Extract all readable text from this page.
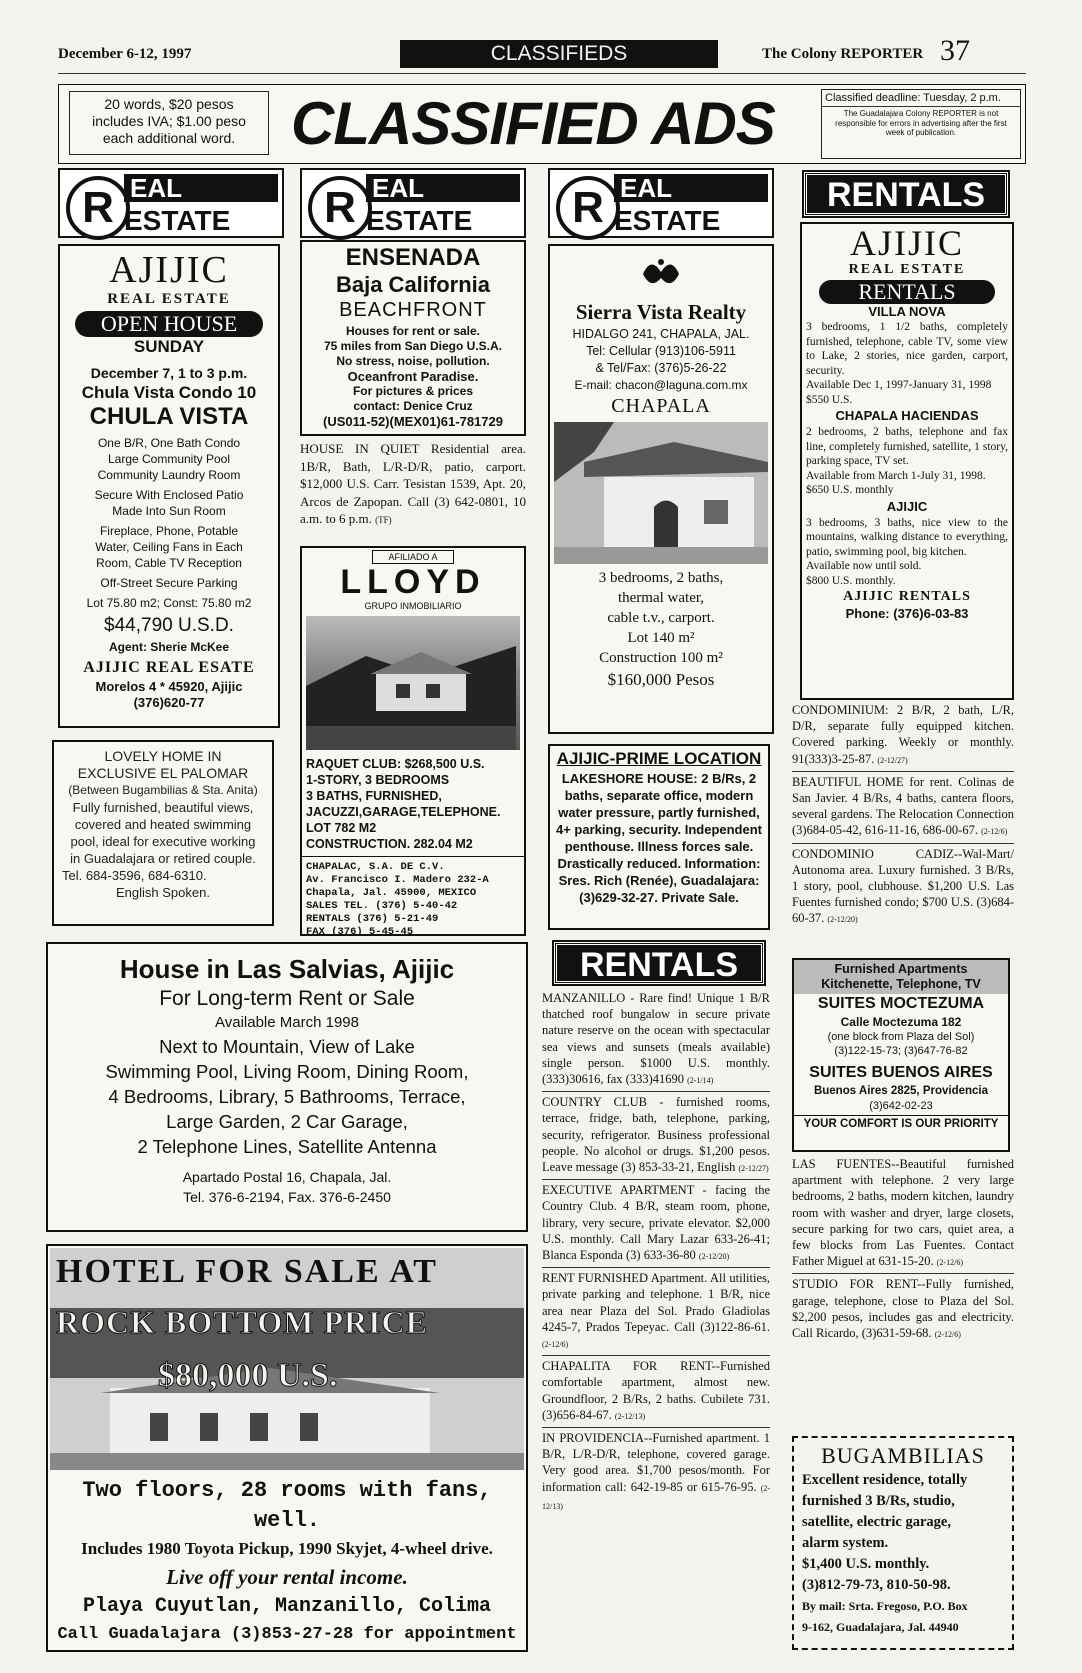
December 6-12, 1997	CLASSIFIEDS	The Colony REPORTER 37
20 words, $20 pesos includes IVA; $1.00 peso each additional word. CLASSIFIED ADS	Classified deadline: Tuesday, 2 p.m.
The Guadalajara Colony REPORTER is not responsible for errors in advertising after the first week of publication.
R EAL
ESTATE	R EAL
ESTATE	R EAL
ESTATE
RENTALS
AJIJIC
REAL ESTATE
OPEN HOUSE
SUNDAY
December 7, 1 to 3 p.m.
Chula Vista Condo 10
CHULA VISTA
One B/R, One Bath Condo
Large Community Pool
Community Laundry Room
Secure With Enclosed Patio
Made Into Sun Room
Fireplace, Phone, Potable
Water, Ceiling Fans in Each
Room, Cable TV Reception
Off-Street Secure Parking
Lot 75.80 m2; Const: 75.80 m2
$44,790 U.S.D.
Agent: Sherie McKee
AJIJIC REAL ESATE
Morelos 4 * 45920, Ajijic
(376)620-77
LOVELY HOME IN
EXCLUSIVE EL PALOMAR
(Between Bugambilias & Sta. Anita)
Fully furnished, beautiful views,
covered and heated swimming
pool, ideal for executive working
in Guadalajara or retired couple.
Tel. 684-3596, 684-6310.
English Spoken.
ENSENADA
Baja California
BEACHFRONT
Houses for rent or sale.
75 miles from San Diego U.S.A.
No stress, noise, pollution.
Oceanfront Paradise.
For pictures & prices
contact: Denice Cruz
(US011-52)(MEX01)61-781729
HOUSE IN QUIET Residential area. 1B/R, Bath, L/R-D/R, patio, carport. $12,000 U.S. Carr. Tesistan 1539, Apt. 20, Arcos de Zapopan. Call (3) 642-0801, 10 a.m. to 6 p.m. (TF)
AFILIADO A
LLOYD
GRUPO INMOBILIARIO
RAQUET CLUB: $268,500 U.S.
1-STORY, 3 BEDROOMS
3 BATHS, FURNISHED,
JACUZZI,GARAGE,TELEPHONE.
LOT 782 M2
CONSTRUCTION. 282.04 M2
CHAPALAC, S.A. DE C.V.
Av. Francisco I. Madero 232-A
Chapala, Jal. 45900, MEXICO
SALES TEL. (376) 5-40-42
RENTALS (376) 5-21-49
FAX (376) 5-45-45
Sierra Vista Realty
HIDALGO 241, CHAPALA, JAL.
Tel: Cellular (913)106-5911
& Tel/Fax: (376)5-26-22
E-mail: chacon@laguna.com.mx
CHAPALA
3 bedrooms, 2 baths,
thermal water,
cable t.v., carport.
Lot 140 m²
Construction 100 m²
$160,000 Pesos
AJIJIC-PRIME LOCATION
LAKESHORE HOUSE: 2 B/Rs, 2 baths, separate office, modern water pressure, partly furnished, 4+ parking, security. Independent penthouse. Illness forces sale. Drastically reduced. Information: Sres. Rich (Renée), Guadalajara: (3)629-32-27. Private Sale.
RENTALS
MANZANILLO - Rare find! Unique 1 B/R thatched roof bungalow in secure private nature reserve on the ocean with spectacular sea views and sunsets (meals available) single person. $1000 U.S. monthly. (333)30616, fax (333)41690 (2-1/14)
COUNTRY CLUB - furnished rooms, terrace, fridge, bath, telephone, parking, security, refrigerator. Business professional people. No alcohol or drugs. $1,200 pesos. Leave message (3) 853-33-21, English (2-12/27)
EXECUTIVE APARTMENT - facing the Country Club. 4 B/R, steam room, phone, library, very secure, private elevator. $2,000 U.S. monthly. Call Mary Lazar 633-26-41; Blanca Esponda (3) 633-36-80 (2-12/20)
RENT FURNISHED Apartment. All utilities, private parking and telephone. 1 B/R, nice area near Plaza del Sol. Prado Gladiolas 4245-7, Prados Tepeyac. Call (3)122-86-61. (2-12/6)
CHAPALITA FOR RENT--Furnished comfortable apartment, almost new. Groundfloor, 2 B/Rs, 2 baths. Cubilete 731. (3)656-84-67. (2-12/13)
IN PROVIDENCIA--Furnished apartment. 1 B/R, L/R-D/R, telephone, covered garage. Very good area. $1,700 pesos/month. For information call: 642-19-85 or 615-76-95. (2-12/13)
House in Las Salvias, Ajijic
For Long-term Rent or Sale
Available March 1998
Next to Mountain, View of Lake
Swimming Pool, Living Room, Dining Room,
4 Bedrooms, Library, 5 Bathrooms, Terrace,
Large Garden, 2 Car Garage,
2 Telephone Lines, Satellite Antenna
Apartado Postal 16, Chapala, Jal.
Tel. 376-6-2194, Fax. 376-6-2450
HOTEL FOR SALE AT
ROCK BOTTOM PRICE
$80,000 U.S.
Two floors, 28 rooms with fans, well.
Includes 1980 Toyota Pickup, 1990 Skyjet, 4-wheel drive.
Live off your rental income.
Playa Cuyutlan, Manzanillo, Colima
Call Guadalajara (3)853-27-28 for appointment
AJIJIC
REAL ESTATE
RENTALS
VILLA NOVA
3 bedrooms, 1 1/2 baths, completely furnished, telephone, cable TV, some view to Lake, 2 stories, nice garden, carport, security.
Available Dec 1, 1997-January 31, 1998
$550 U.S.
CHAPALA HACIENDAS
2 bedrooms, 2 baths, telephone and fax line, completely furnished, satellite, 1 story, parking space, TV set.
Available from March 1-July 31, 1998.
$650 U.S. monthly
AJIJIC
3 bedrooms, 3 baths, nice view to the mountains, walking distance to everything, patio, swimming pool, big kitchen.
Available now until sold.
$800 U.S. monthly.
AJIJIC RENTALS
Phone: (376)6-03-83
CONDOMINIUM: 2 B/R, 2 bath, L/R, D/R, separate fully equipped kitchen. Covered parking. Weekly or monthly. 91(333)3-25-87. (2-12/27)
BEAUTIFUL HOME for rent. Colinas de San Javier. 4 B/Rs, 4 baths, cantera floors, several gardens. The Relocation Connection (3)684-05-42, 616-11-16, 686-00-67. (2-12/6)
CONDOMINIO CADIZ--Wal-Mart/ Autonoma area. Luxury furnished. 3 B/Rs, 1 story, pool, clubhouse. $1,200 U.S. Las Fuentes furnished condo; $700 U.S. (3)684-60-37. (2-12/20)
Furnished Apartments Kitchenette, Telephone, TV
SUITES MOCTEZUMA
Calle Moctezuma 182
(one block from Plaza del Sol)
(3)122-15-73; (3)647-76-82
SUITES BUENOS AIRES
Buenos Aires 2825, Providencia
(3)642-02-23
YOUR COMFORT IS OUR PRIORITY
LAS FUENTES--Beautiful furnished apartment with telephone. 2 very large bedrooms, 2 baths, modern kitchen, laundry room with washer and dryer, large closets, secure parking for two cars, quiet area, a few blocks from Las Fuentes. Contact Father Miguel at 631-15-20. (2-12/6)
STUDIO FOR RENT--Fully furnished, garage, telephone, close to Plaza del Sol. $2,200 pesos, includes gas and electricity. Call Ricardo, (3)631-59-68. (2-12/6)
BUGAMBILIAS
Excellent residence, totally
furnished 3 B/Rs, studio,
satellite, electric garage,
alarm system.
$1,400 U.S. monthly.
(3)812-79-73, 810-50-98.
By mail: Srta. Fregoso, P.O. Box
9-162, Guadalajara, Jal. 44940
